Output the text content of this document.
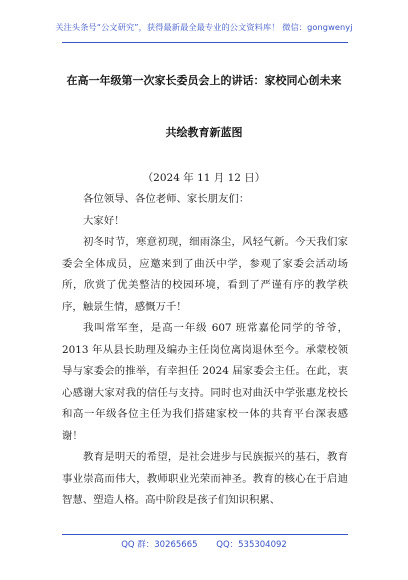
关注头条号“公文研究”，获得最新最全最专业的公文资料库！ 微信：gongwenyj
在高一年级第一次家长委员会上的讲话：家校同心创未来
共绘教育新蓝图
（2024 年 11 月 12 日）

各位领导、各位老师、家长朋友们：

大家好！

初冬时节，寒意初现，细雨涤尘，风轻气新。今天我们家委会全体成员，应邀来到了曲沃中学，参观了家委会活动场所，欣赏了优美整洁的校园环境，看到了严谨有序的教学秩序，触景生情，感慨万千！

我叫常军奎，是高一年级 607 班常嘉伦同学的爷爷，2013 年从县长助理及编办主任岗位离岗退休至今。承蒙校领导与家委会的推举，有幸担任 2024 届家委会主任。在此，衷心感谢大家对我的信任与支持。同时也对曲沃中学张惠龙校长和高一年级各位主任为我们搭建家校一体的共育平台深表感谢！

教育是明天的希望，是社会进步与民族振兴的基石，教育事业崇高而伟大，教师职业光荣而神圣。教育的核心在于启迪智慧、塑造人格。高中阶段是孩子们知识积累、

QQ 群：30265665 QQ：535304092
